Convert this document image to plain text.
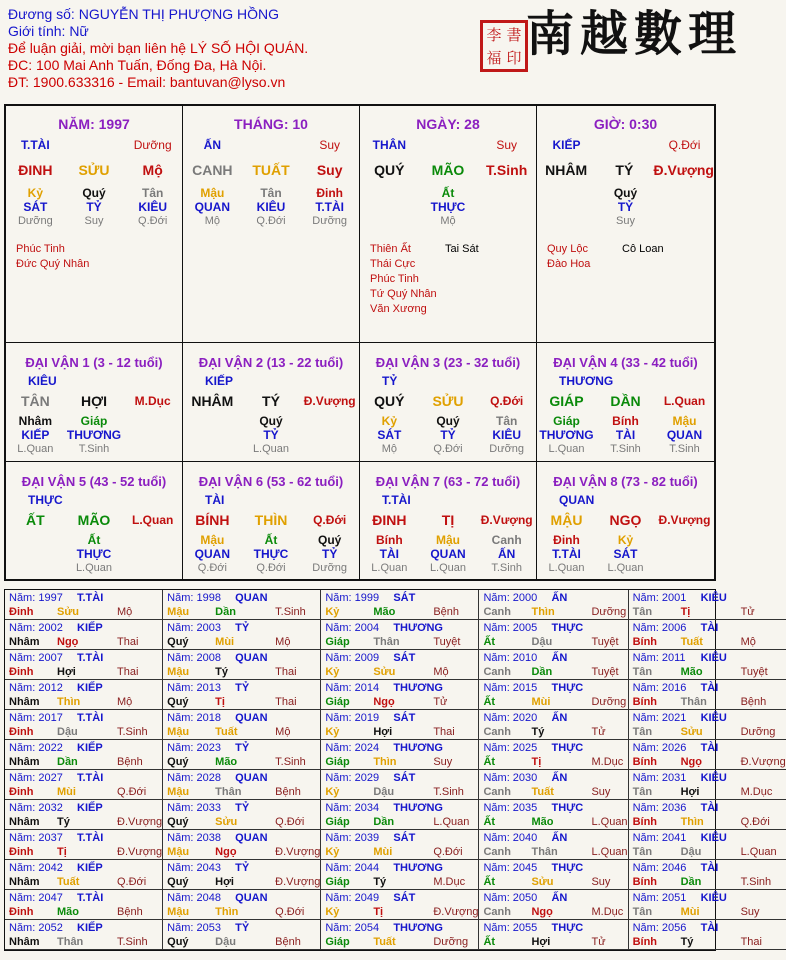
Đương số: NGUYỄN THỊ PHƯỢNG HỒNG
Giới tính: Nữ
Để luận giải, mời bạn liên hệ LÝ SỐ HỘI QUÁN.
ĐC: 100 Mai Anh Tuấn, Đống Đa, Hà Nội.
ĐT: 1900.633316 - Email: bantuvan@lyso.vn
李 書
福 印 南越數理
NĂM: 1997
T.TÀI	Dưỡng
ĐINH	SỬU	Mộ
Kỷ	Quý	Tân
SÁT	TỶ	KIÊU
Dưỡng	Suy	Q.Đới
Phúc Tinh
Đức Quý Nhân
THÁNG: 10
ẤN	Suy
CANH	TUẤT	Suy
Mậu	Tân	Đinh
QUAN	KIÊU	T.TÀI
Mộ	Q.Đới	Dưỡng
NGÀY: 28
THÂN	Suy
QUÝ	MÃO	T.Sinh
Ất
THỰC
Mộ
Thiên Ất	Tai Sát
Thái Cực
Phúc Tinh
Tứ Quý Nhân
Văn Xương
GIỜ: 0:30
KIẾP	Q.Đới
NHÂM	TÝ	Đ.Vượng
Quý
TỶ
Suy
Quy Lộc	Cô Loan
Đào Hoa
ĐẠI VẬN 1 (3 - 12 tuổi)
KIÊU
TÂN	HỢI	M.Dục
Nhâm	Giáp
KIẾP	THƯƠNG
L.Quan	T.Sinh
ĐẠI VẬN 2 (13 - 22 tuổi)
KIẾP
NHÂM	TÝ	Đ.Vượng
Quý
TỶ
L.Quan
ĐẠI VẬN 3 (23 - 32 tuổi)
TỶ
QUÝ	SỬU	Q.Đới
Kỷ	Quý	Tân
SÁT	TỶ	KIÊU
Mộ	Q.Đới	Dưỡng
ĐẠI VẬN 4 (33 - 42 tuổi)
THƯƠNG
GIÁP	DẦN	L.Quan
Giáp	Bính	Mậu
THƯƠNG	TÀI	QUAN
L.Quan	T.Sinh	T.Sinh
ĐẠI VẬN 5 (43 - 52 tuổi)
THỰC
ẤT	MÃO	L.Quan
Ất
THỰC
L.Quan
ĐẠI VẬN 6 (53 - 62 tuổi)
TÀI
BÍNH	THÌN	Q.Đới
Mậu	Ất	Quý
QUAN	THỰC	TỶ
Q.Đới	Q.Đới	Dưỡng
ĐẠI VẬN 7 (63 - 72 tuổi)
T.TÀI
ĐINH	TỊ	Đ.Vượng
Bính	Mậu	Canh
TÀI	QUAN	ẤN
L.Quan	L.Quan	T.Sinh
ĐẠI VẬN 8 (73 - 82 tuổi)
QUAN
MẬU	NGỌ	Đ.Vượng
Đinh	Kỷ
T.TÀI	SÁT
L.Quan	L.Quan
Năm: 1997	T.TÀI
Đinh	Sửu	Mộ
Năm: 1998	QUAN
Mậu	Dần	T.Sinh
Năm: 1999	SÁT
Kỷ	Mão	Bệnh
Năm: 2000	ẤN
Canh	Thìn	Dưỡng
Năm: 2001	KIÊU
Tân	Tị	Tử
Năm: 2002	KIẾP
Nhâm	Ngọ	Thai
Năm: 2003	TỶ
Quý	Mùi	Mộ
Năm: 2004	THƯƠNG
Giáp	Thân	Tuyệt
Năm: 2005	THỰC
Ất	Dậu	Tuyệt
Năm: 2006	TÀI
Bính	Tuất	Mộ
Năm: 2007	T.TÀI
Đinh	Hợi	Thai
Năm: 2008	QUAN
Mậu	Tý	Thai
Năm: 2009	SÁT
Kỷ	Sửu	Mộ
Năm: 2010	ẤN
Canh	Dần	Tuyệt
Năm: 2011	KIÊU
Tân	Mão	Tuyệt
Năm: 2012	KIẾP
Nhâm	Thìn	Mộ
Năm: 2013	TỶ
Quý	Tị	Thai
Năm: 2014	THƯƠNG
Giáp	Ngọ	Tử
Năm: 2015	THỰC
Ất	Mùi	Dưỡng
Năm: 2016	TÀI
Bính	Thân	Bệnh
Năm: 2017	T.TÀI
Đinh	Dậu	T.Sinh
Năm: 2018	QUAN
Mậu	Tuất	Mộ
Năm: 2019	SÁT
Kỷ	Hợi	Thai
Năm: 2020	ẤN
Canh	Tý	Tử
Năm: 2021	KIÊU
Tân	Sửu	Dưỡng
Năm: 2022	KIẾP
Nhâm	Dần	Bệnh
Năm: 2023	TỶ
Quý	Mão	T.Sinh
Năm: 2024	THƯƠNG
Giáp	Thìn	Suy
Năm: 2025	THỰC
Ất	Tị	M.Dục
Năm: 2026	TÀI
Bính	Ngọ	Đ.Vượng
Năm: 2027	T.TÀI
Đinh	Mùi	Q.Đới
Năm: 2028	QUAN
Mậu	Thân	Bệnh
Năm: 2029	SÁT
Kỷ	Dậu	T.Sinh
Năm: 2030	ẤN
Canh	Tuất	Suy
Năm: 2031	KIÊU
Tân	Hợi	M.Dục
Năm: 2032	KIẾP
Nhâm	Tý	Đ.Vượng
Năm: 2033	TỶ
Quý	Sửu	Q.Đới
Năm: 2034	THƯƠNG
Giáp	Dần	L.Quan
Năm: 2035	THỰC
Ất	Mão	L.Quan
Năm: 2036	TÀI
Bính	Thìn	Q.Đới
Năm: 2037	T.TÀI
Đinh	Tị	Đ.Vượng
Năm: 2038	QUAN
Mậu	Ngọ	Đ.Vượng
Năm: 2039	SÁT
Kỷ	Mùi	Q.Đới
Năm: 2040	ẤN
Canh	Thân	L.Quan
Năm: 2041	KIÊU
Tân	Dậu	L.Quan
Năm: 2042	KIẾP
Nhâm	Tuất	Q.Đới
Năm: 2043	TỶ
Quý	Hợi	Đ.Vượng
Năm: 2044	THƯƠNG
Giáp	Tý	M.Dục
Năm: 2045	THỰC
Ất	Sửu	Suy
Năm: 2046	TÀI
Bính	Dần	T.Sinh
Năm: 2047	T.TÀI
Đinh	Mão	Bệnh
Năm: 2048	QUAN
Mậu	Thìn	Q.Đới
Năm: 2049	SÁT
Kỷ	Tị	Đ.Vượng
Năm: 2050	ẤN
Canh	Ngọ	M.Dục
Năm: 2051	KIÊU
Tân	Mùi	Suy
Năm: 2052	KIẾP
Nhâm	Thân	T.Sinh
Năm: 2053	TỶ
Quý	Dậu	Bệnh
Năm: 2054	THƯƠNG
Giáp	Tuất	Dưỡng
Năm: 2055	THỰC
Ất	Hợi	Tử
Năm: 2056	TÀI
Bính	Tý	Thai
